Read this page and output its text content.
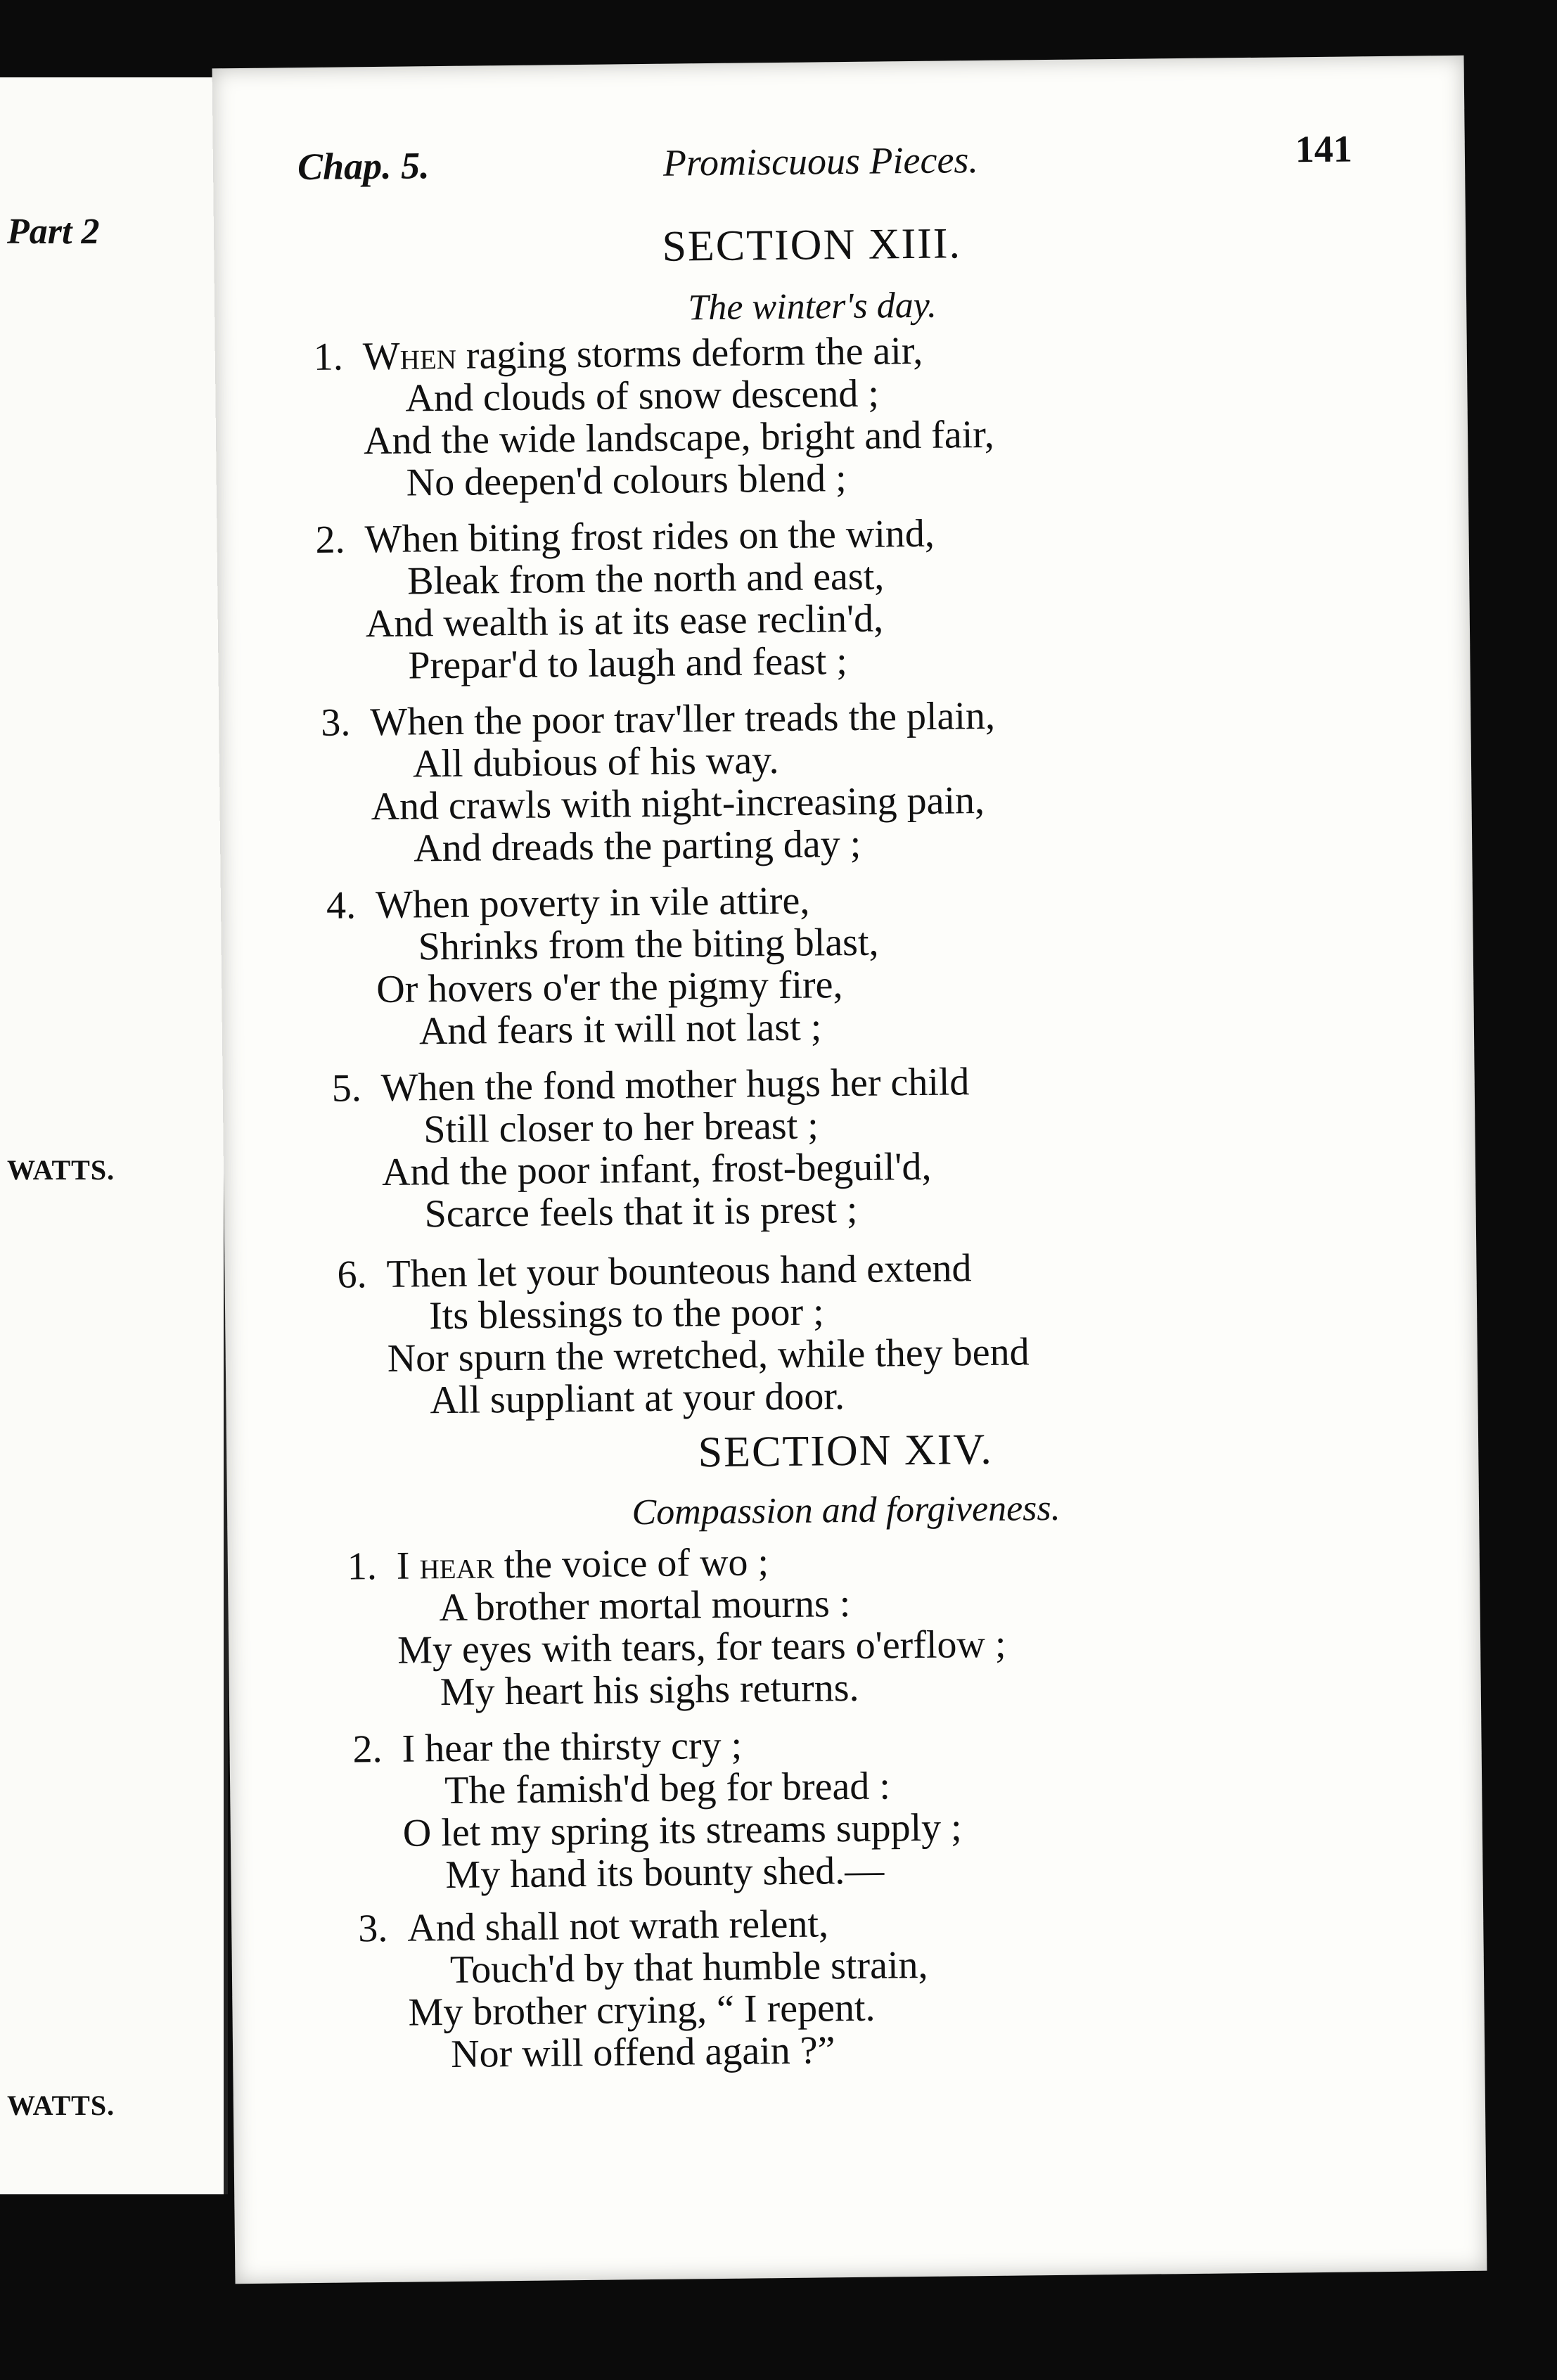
Part 2
WATTS.
WATTS.
Chap. 5.	Promiscuous Pieces.	141
SECTION XIII.
The winter's day.
1. When raging storms deform the air,
And clouds of snow descend ;
And the wide landscape, bright and fair,
No deepen'd colours blend ;
2. When biting frost rides on the wind,
Bleak from the north and east,
And wealth is at its ease reclin'd,
Prepar'd to laugh and feast ;
3. When the poor trav'ller treads the plain,
All dubious of his way.
And crawls with night-increasing pain,
And dreads the parting day ;
4. When poverty in vile attire,
Shrinks from the biting blast,
Or hovers o'er the pigmy fire,
And fears it will not last ;
5. When the fond mother hugs her child
Still closer to her breast ;
And the poor infant, frost-beguil'd,
Scarce feels that it is prest ;
6. Then let your bounteous hand extend
Its blessings to the poor ;
Nor spurn the wretched, while they bend
All suppliant at your door.
SECTION XIV.
Compassion and forgiveness.
1. I hear the voice of wo ;
A brother mortal mourns :
My eyes with tears, for tears o'erflow ;
My heart his sighs returns.
2. I hear the thirsty cry ;
The famish'd beg for bread :
O let my spring its streams supply ;
My hand its bounty shed.—
3. And shall not wrath relent,
Touch'd by that humble strain,
My brother crying, “ I repent.
Nor will offend again ?”
